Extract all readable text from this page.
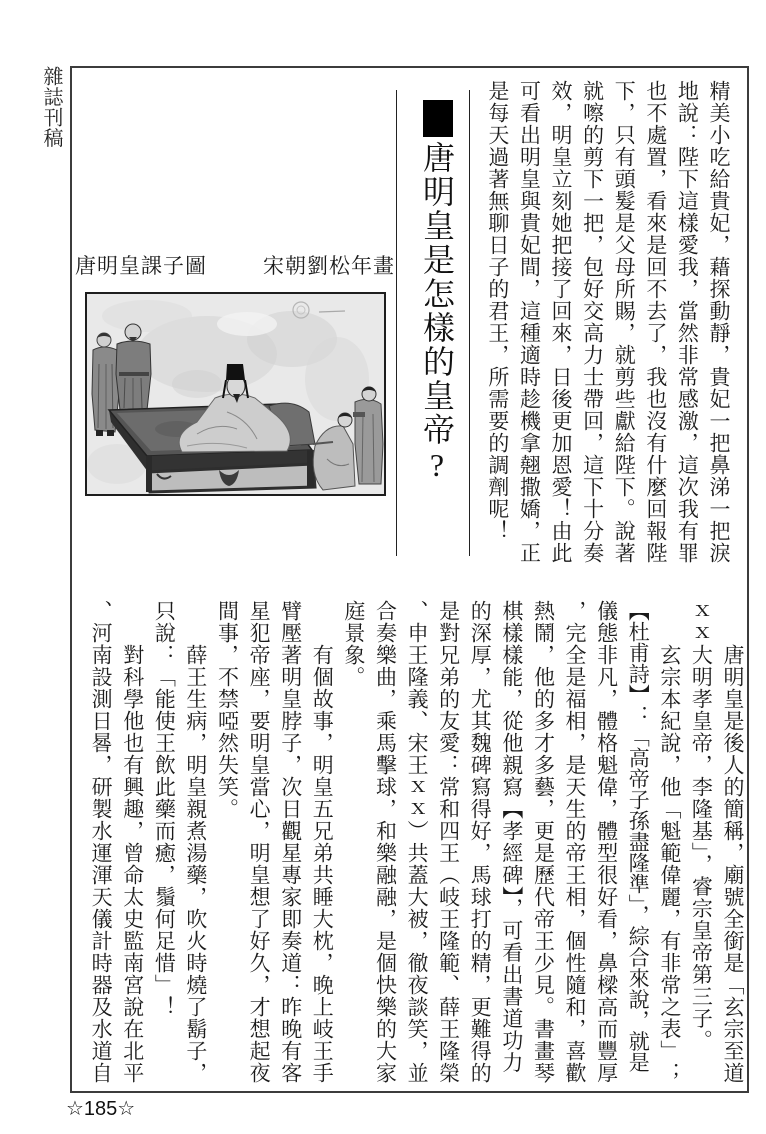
雜誌刊稿	精美小吃給貴妃，藉探動靜，貴妃一把鼻涕一把淚
地說：陛下這樣愛我，當然非常感激，這次我有罪
也不處置，看來是回不去了，我也沒有什麼回報陛
下，只有頭髮是父母所賜，就剪些獻給陛下。說著
就嚓的剪下一把，包好交高力士帶回，這下十分奏
效，明皇立刻她把接了回來，日後更加恩愛！由此
可看出明皇與貴妃間，這種適時趁機拿翹撒嬌，正
是每天過著無聊日子的君王，所需要的調劑呢！
唐明皇是怎樣的皇帝?
唐明皇課子圖	宋朝劉松年畫
唐明皇是後人的簡稱，廟號全銜是「玄宗至道
ｘｘ大明孝皇帝，李隆基」，睿宗皇帝第三子。
玄宗本紀說，他「魁範偉麗，有非常之表」；
【杜甫詩】：「高帝子孫盡隆準」，綜合來說，就是
儀態非凡，體格魁偉，體型很好看，鼻樑高而豐厚
，完全是福相，是天生的帝王相，個性隨和，喜歡
熱鬧，他的多才多藝，更是歷代帝王少見。書畫琴
棋樣樣能，從他親寫【孝經碑】，可看出書道功力
的深厚，尤其魏碑寫得好，馬球打的精，更難得的
是對兄弟的友愛：常和四王（岐王隆範、薛王隆榮
、申王隆義、宋王ｘｘ）共蓋大被，徹夜談笑，並
合奏樂曲，乘馬擊球，和樂融融，是個快樂的大家
庭景象。
有個故事，明皇五兄弟共睡大枕，晚上岐王手
臂壓著明皇脖子，次日觀星專家即奏道：昨晚有客
星犯帝座，要明皇當心，明皇想了好久，才想起夜
間事，不禁啞然失笑。
薛王生病，明皇親煮湯藥，吹火時燒了鬍子，
只說：「能使王飲此藥而癒，鬚何足惜」！
對科學他也有興趣，曾命太史監南宮說在北平
、河南設測日晷，研製水運渾天儀計時器及水道自
☆185☆
